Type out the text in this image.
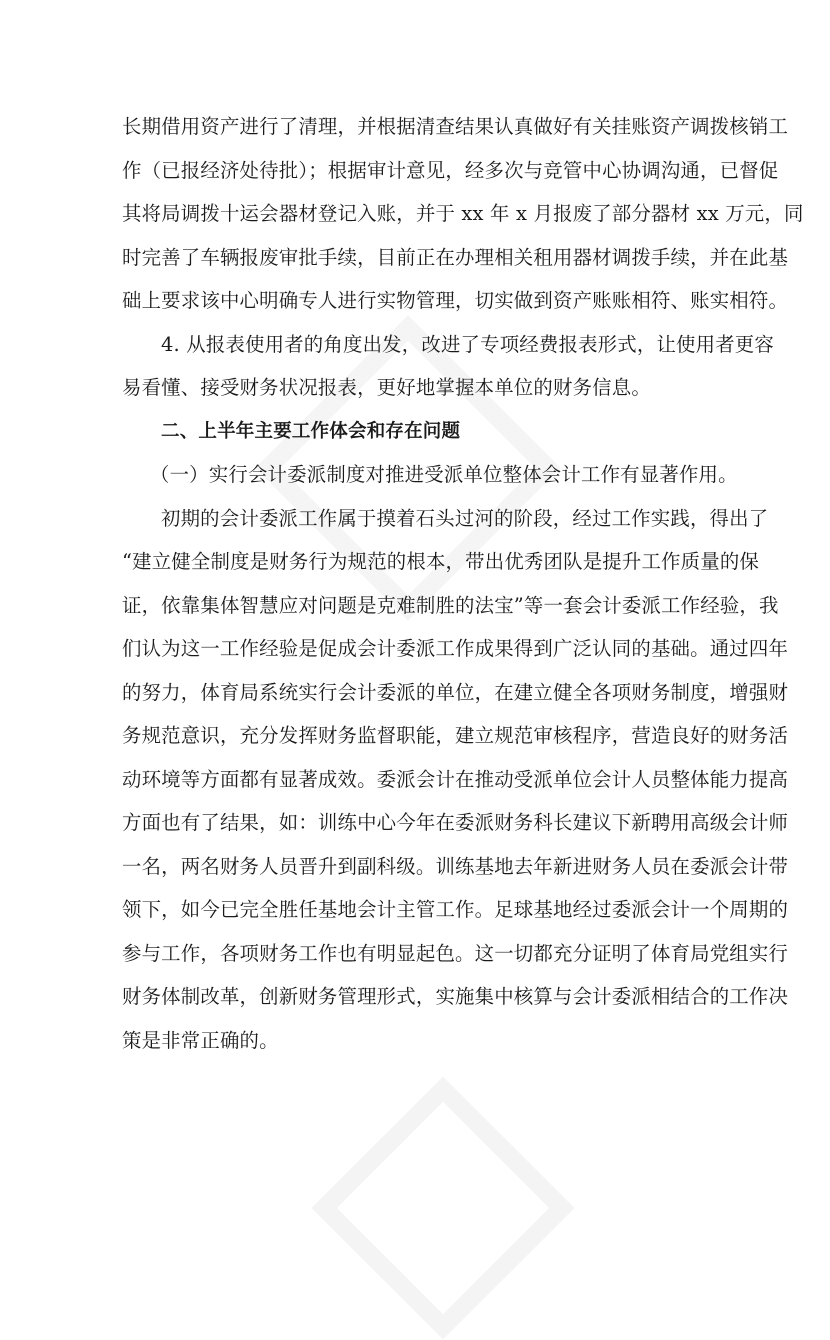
长期借用资产进行了清理，并根据清查结果认真做好有关挂账资产调拨核销工
作（已报经济处待批）；根据审计意见，经多次与竞管中心协调沟通，已督促
其将局调拨十运会器材登记入账，并于 xx 年 x 月报废了部分器材 xx 万元，同
时完善了车辆报废审批手续，目前正在办理相关租用器材调拨手续，并在此基
础上要求该中心明确专人进行实物管理，切实做到资产账账相符、账实相符。
4. 从报表使用者的角度出发，改进了专项经费报表形式，让使用者更容
易看懂、接受财务状况报表，更好地掌握本单位的财务信息。
二、上半年主要工作体会和存在问题
（一）实行会计委派制度对推进受派单位整体会计工作有显著作用。
初期的会计委派工作属于摸着石头过河的阶段，经过工作实践，得出了
“建立健全制度是财务行为规范的根本，带出优秀团队是提升工作质量的保
证，依靠集体智慧应对问题是克难制胜的法宝”等一套会计委派工作经验，我
们认为这一工作经验是促成会计委派工作成果得到广泛认同的基础。通过四年
的努力，体育局系统实行会计委派的单位，在建立健全各项财务制度，增强财
务规范意识，充分发挥财务监督职能，建立规范审核程序，营造良好的财务活
动环境等方面都有显著成效。委派会计在推动受派单位会计人员整体能力提高
方面也有了结果，如：训练中心今年在委派财务科长建议下新聘用高级会计师
一名，两名财务人员晋升到副科级。训练基地去年新进财务人员在委派会计带
领下，如今已完全胜任基地会计主管工作。足球基地经过委派会计一个周期的
参与工作，各项财务工作也有明显起色。这一切都充分证明了体育局党组实行
财务体制改革，创新财务管理形式，实施集中核算与会计委派相结合的工作决
策是非常正确的。
